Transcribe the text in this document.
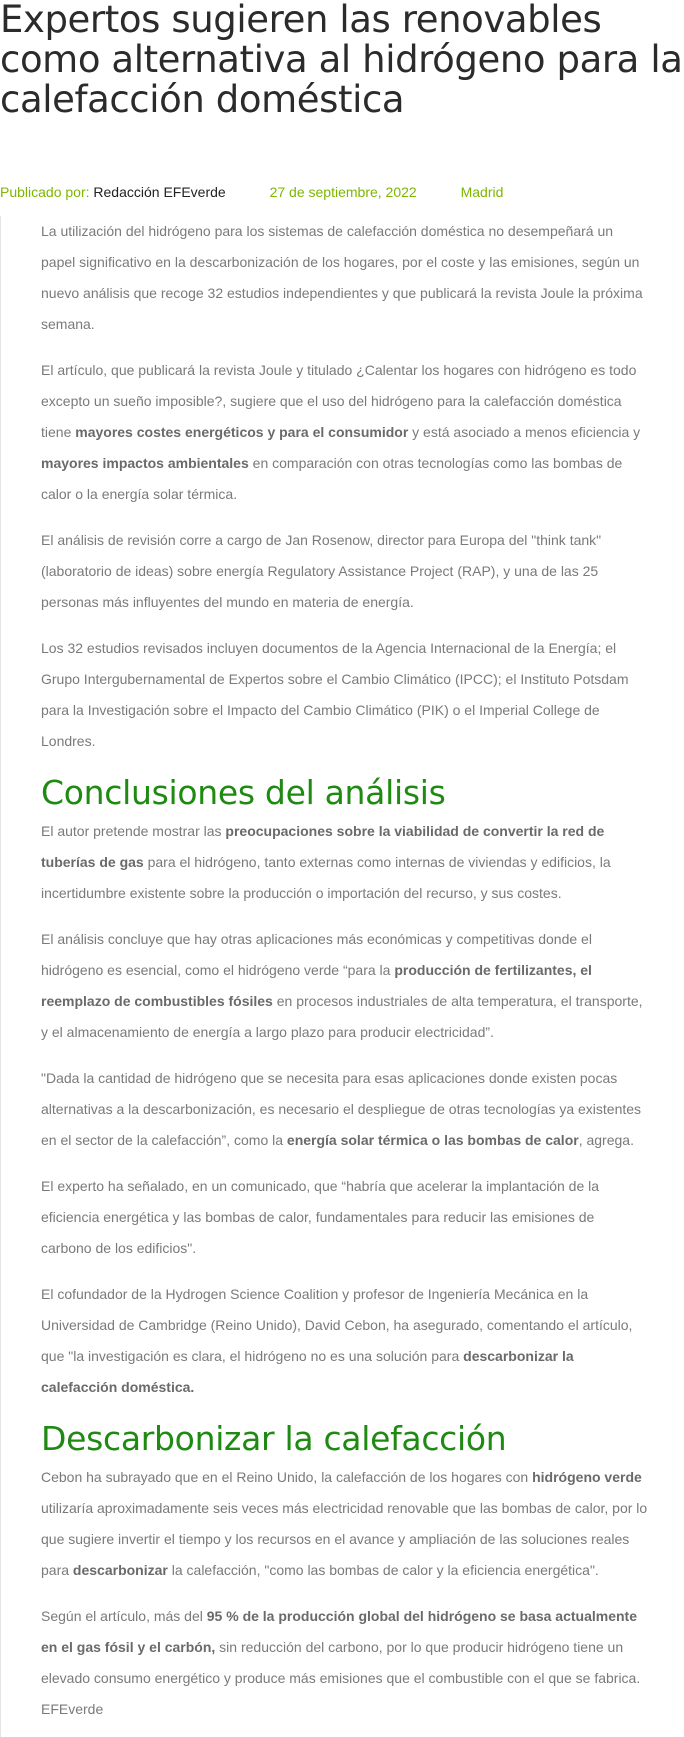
Expertos sugieren las renovables como alternativa al hidrógeno para la calefacción doméstica
Publicado por: Redacción EFEverde	27 de septiembre, 2022	Madrid

La utilización del hidrógeno para los sistemas de calefacción doméstica no desempeñará un papel significativo en la descarbonización de los hogares, por el coste y las emisiones, según un nuevo análisis que recoge 32 estudios independientes y que publicará la revista Joule la próxima semana.

El artículo, que publicará la revista Joule y titulado ¿Calentar los hogares con hidrógeno es todo excepto un sueño imposible?, sugiere que el uso del hidrógeno para la calefacción doméstica tiene mayores costes energéticos y para el consumidor y está asociado a menos eficiencia y mayores impactos ambientales en comparación con otras tecnologías como las bombas de calor o la energía solar térmica.

El análisis de revisión corre a cargo de Jan Rosenow, director para Europa del "think tank" (laboratorio de ideas) sobre energía Regulatory Assistance Project (RAP), y una de las 25 personas más influyentes del mundo en materia de energía.

Los 32 estudios revisados incluyen documentos de la Agencia Internacional de la Energía; el Grupo Intergubernamental de Expertos sobre el Cambio Climático (IPCC); el Instituto Potsdam para la Investigación sobre el Impacto del Cambio Climático (PIK) o el Imperial College de Londres.

Conclusiones del análisis

El autor pretende mostrar las preocupaciones sobre la viabilidad de convertir la red de tuberías de gas para el hidrógeno, tanto externas como internas de viviendas y edificios, la incertidumbre existente sobre la producción o importación del recurso, y sus costes.

El análisis concluye que hay otras aplicaciones más económicas y competitivas donde el hidrógeno es esencial, como el hidrógeno verde “para la producción de fertilizantes, el reemplazo de combustibles fósiles en procesos industriales de alta temperatura, el transporte, y el almacenamiento de energía a largo plazo para producir electricidad”.

"Dada la cantidad de hidrógeno que se necesita para esas aplicaciones donde existen pocas alternativas a la descarbonización, es necesario el despliegue de otras tecnologías ya existentes en el sector de la calefacción”, como la energía solar térmica o las bombas de calor, agrega.

El experto ha señalado, en un comunicado, que “habría que acelerar la implantación de la eficiencia energética y las bombas de calor, fundamentales para reducir las emisiones de carbono de los edificios".

El cofundador de la Hydrogen Science Coalition y profesor de Ingeniería Mecánica en la Universidad de Cambridge (Reino Unido), David Cebon, ha asegurado, comentando el artículo, que "la investigación es clara, el hidrógeno no es una solución para descarbonizar la calefacción doméstica.

Descarbonizar la calefacción

Cebon ha subrayado que en el Reino Unido, la calefacción de los hogares con hidrógeno verde utilizaría aproximadamente seis veces más electricidad renovable que las bombas de calor, por lo que sugiere invertir el tiempo y los recursos en el avance y ampliación de las soluciones reales para descarbonizar la calefacción, "como las bombas de calor y la eficiencia energética".

Según el artículo, más del 95 % de la producción global del hidrógeno se basa actualmente en el gas fósil y el carbón, sin reducción del carbono, por lo que producir hidrógeno tiene un elevado consumo energético y produce más emisiones que el combustible con el que se fabrica. EFEverde
